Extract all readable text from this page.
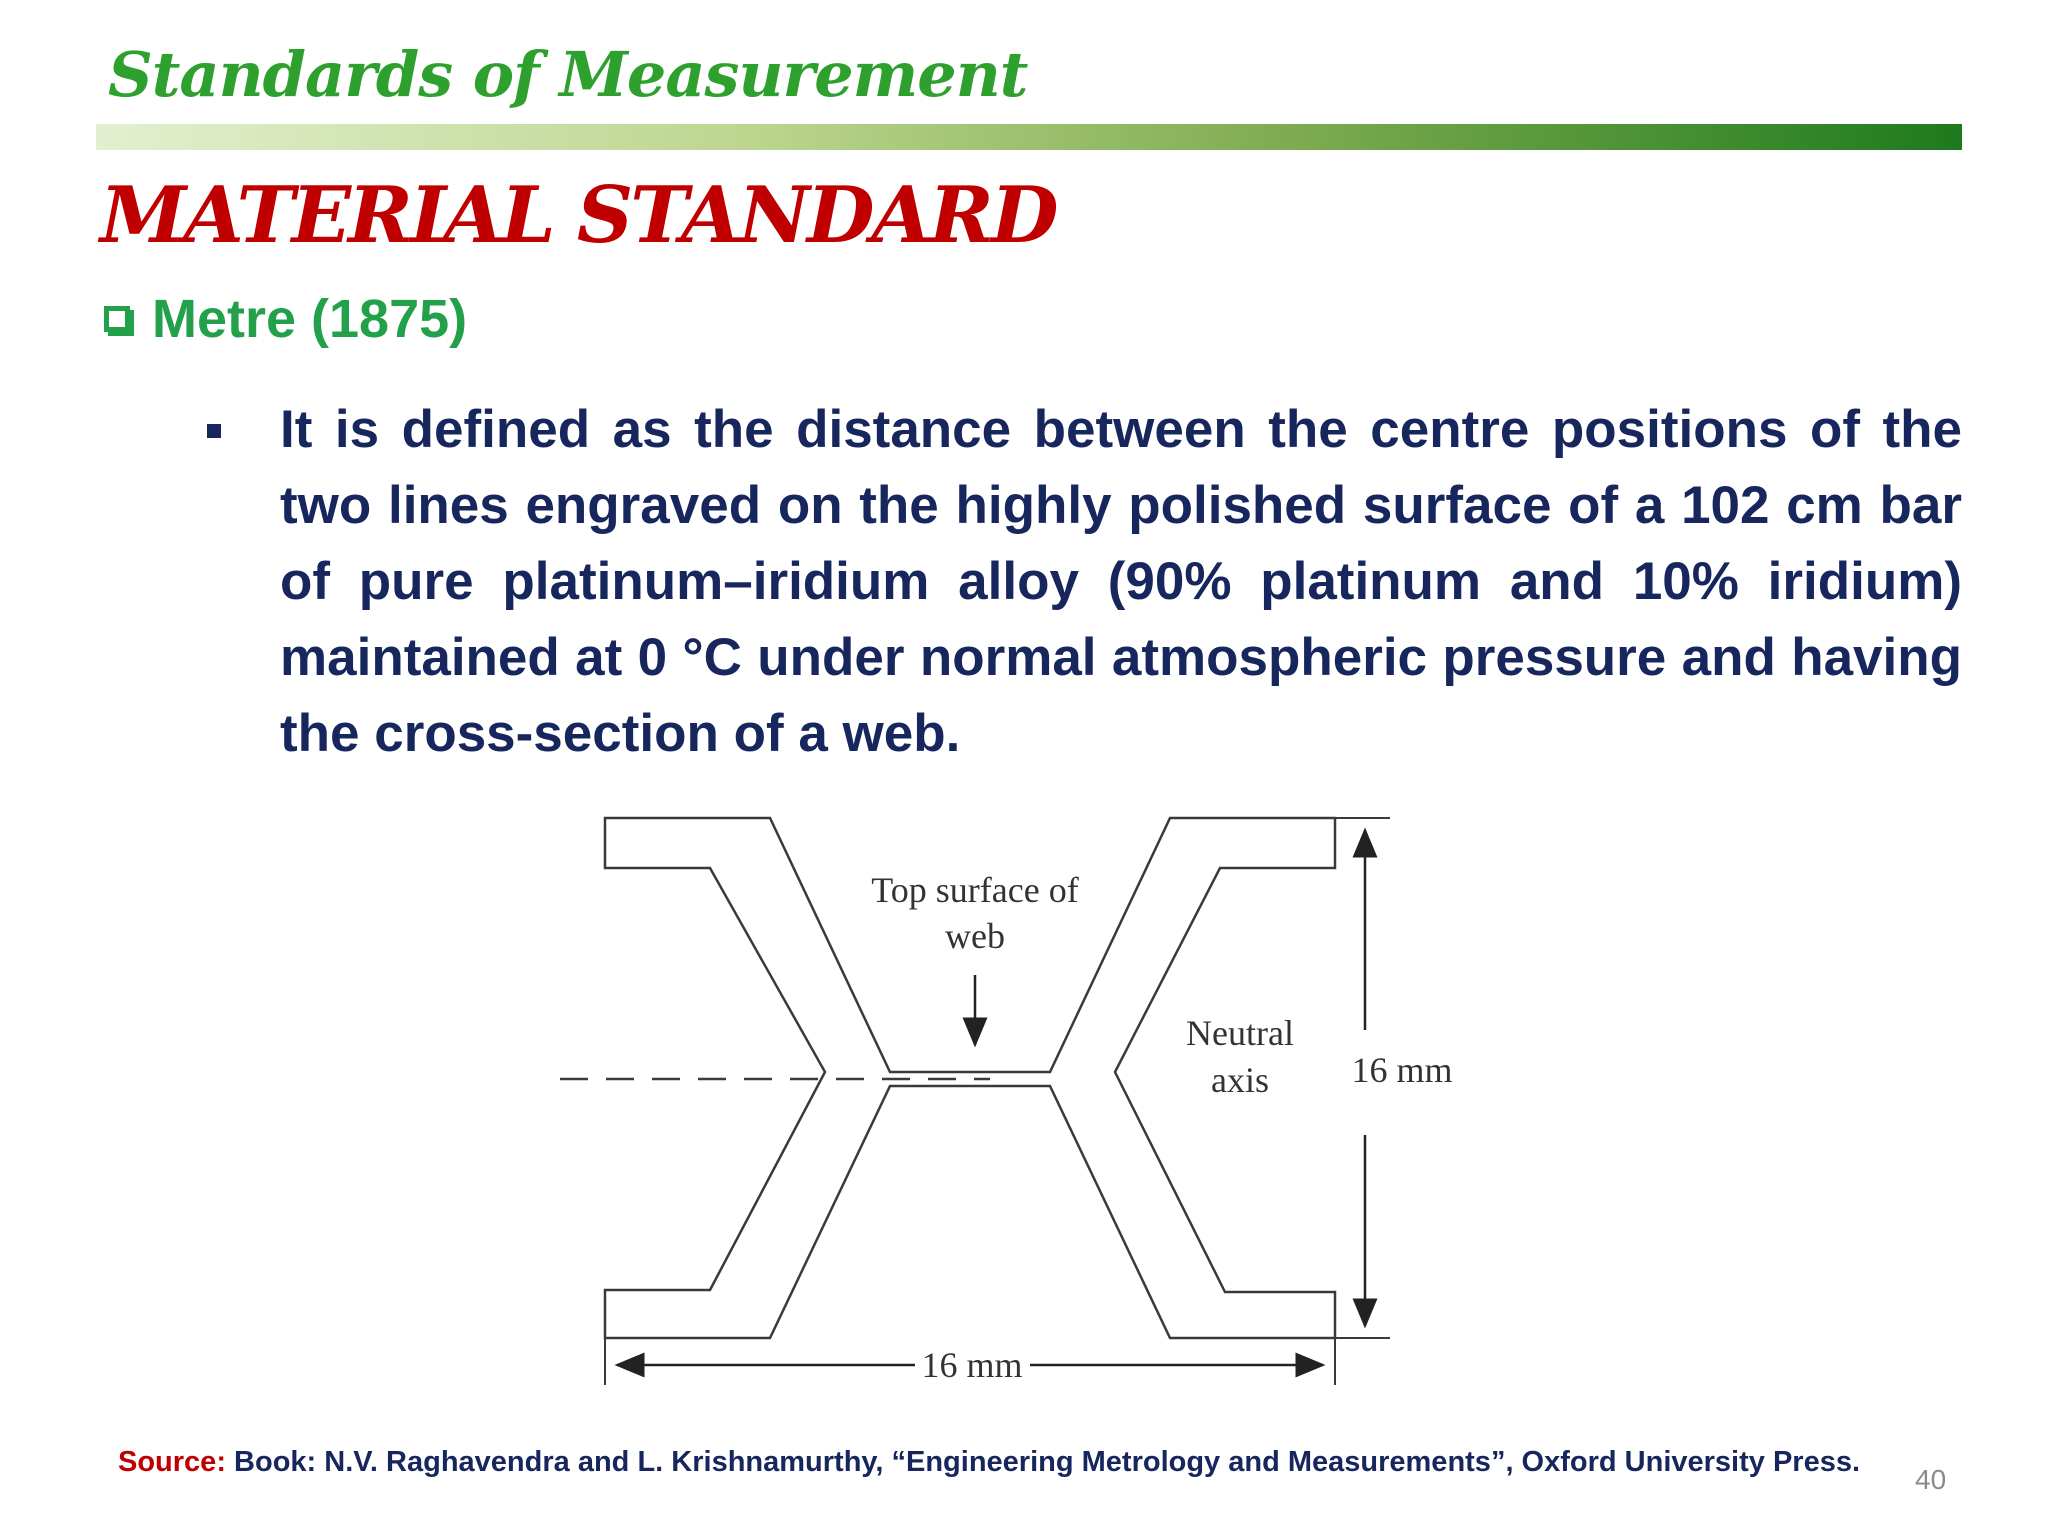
Standards of Measurement
MATERIAL STANDARD
Metre (1875)
It is defined as the distance between the centre positions of the two lines engraved on the highly polished surface of a 102 cm bar of pure platinum–iridium alloy (90% platinum and 10% iridium) maintained at 0 °C under normal atmospheric pressure and having the cross-section of a web.
Top surface of
web
Neutral
axis 16 mm
16 mm
Source: Book: N.V. Raghavendra and L. Krishnamurthy, “Engineering Metrology and Measurements”, Oxford University Press.
40
